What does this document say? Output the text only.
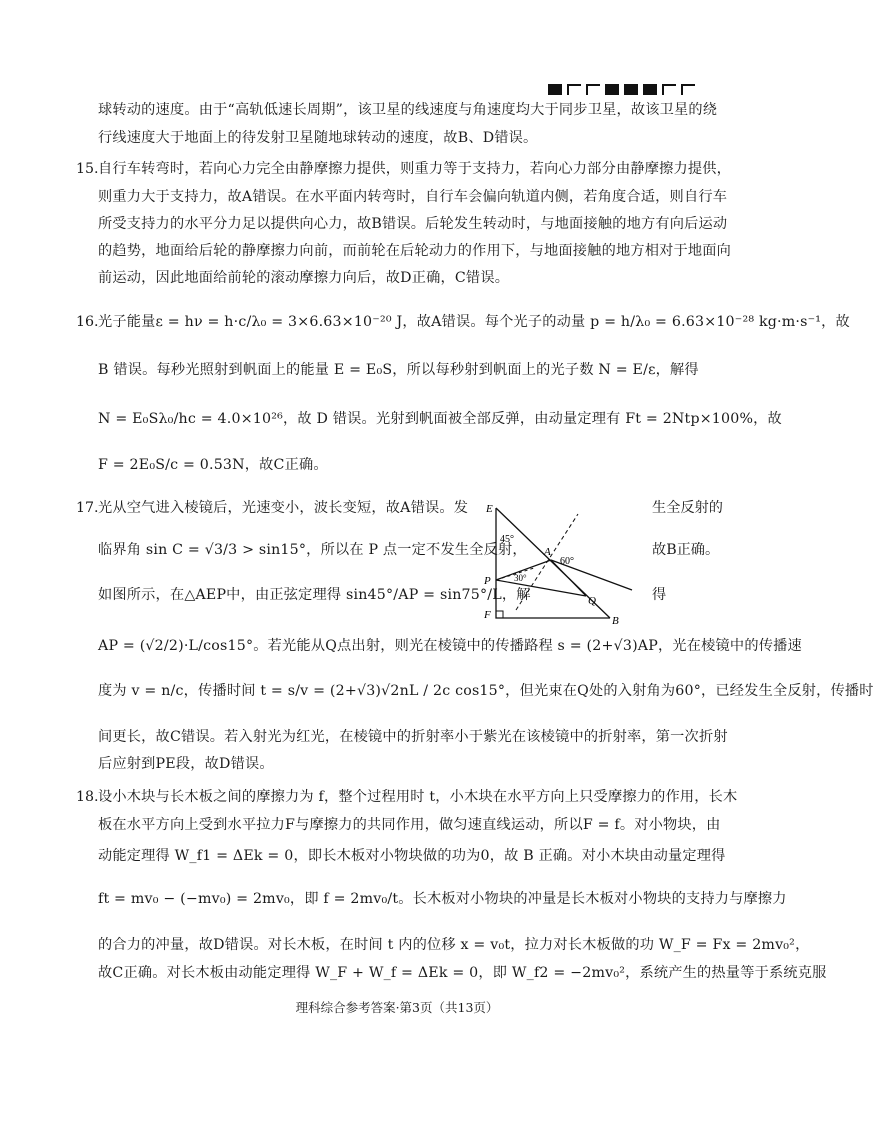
球转动的速度。由于“高轨低速长周期”，该卫星的线速度与角速度均大于同步卫星，故该卫星的绕
行线速度大于地面上的待发射卫星随地球转动的速度，故B、D错误。
15. 自行车转弯时，若向心力完全由静摩擦力提供，则重力等于支持力，若向心力部分由静摩擦力提供，
则重力大于支持力，故A错误。在水平面内转弯时，自行车会偏向轨道内侧，若角度合适，则自行车
所受支持力的水平分力足以提供向心力，故B错误。后轮发生转动时，与地面接触的地方有向后运动
的趋势，地面给后轮的静摩擦力向前，而前轮在后轮动力的作用下，与地面接触的地方相对于地面向
前运动，因此地面给前轮的滚动摩擦力向后，故D正确，C错误。
16. 光子能量ε = hν = h·c/λ₀ = 3×6.63×10⁻²⁰ J，故A错误。每个光子的动量 p = h/λ₀ = 6.63×10⁻²⁸ kg·m·s⁻¹，故
B 错误。每秒光照射到帆面上的能量 E = E₀S，所以每秒射到帆面上的光子数 N = E/ε，解得
N = E₀Sλ₀/hc = 4.0×10²⁶，故 D 错误。光射到帆面被全部反弹，由动量定理有 Ft = 2Ntp×100%，故
F = 2E₀S/c = 0.53N，故C正确。
17. 光从空气进入棱镜后，光速变小，波长变短，故A错误。发
临界角 sin C = √3/3 > sin15°，所以在 P 点一定不发生全反射，
如图所示，在△AEP中，由正弦定理得 sin45°/AP = sin75°/L，解
生全反射的
故B正确。
得
AP = (√2/2)·L/cos15°。若光能从Q点出射，则光在棱镜中的传播路程 s = (2+√3)AP，光在棱镜中的传播速
度为 v = n/c，传播时间 t = s/v = (2+√3)√2nL / 2c cos15°，但光束在Q处的入射角为60°，已经发生全反射，传播时
间更长，故C错误。若入射光为红光，在棱镜中的折射率小于紫光在该棱镜中的折射率，第一次折射
后应射到PE段，故D错误。
18. 设小木块与长木板之间的摩擦力为 f，整个过程用时 t，小木块在水平方向上只受摩擦力的作用，长木
板在水平方向上受到水平拉力F与摩擦力的共同作用，做匀速直线运动，所以F = f。对小物块，由
动能定理得 W_f1 = ΔEk = 0，即长木板对小物块做的功为0，故 B 正确。对小木块由动量定理得
ft = mv₀ − (−mv₀) = 2mv₀，即 f = 2mv₀/t。长木板对小物块的冲量是长木板对小物块的支持力与摩擦力
的合力的冲量，故D错误。对长木板，在时间 t 内的位移 x = v₀t，拉力对长木板做的功 W_F = Fx = 2mv₀²，
故C正确。对长木板由动能定理得 W_F + W_f = ΔEk = 0，即 W_f2 = −2mv₀²，系统产生的热量等于系统克服
E
45°
A
60°
P	30°
F
Q
B
理科综合参考答案·第3页（共13页）
